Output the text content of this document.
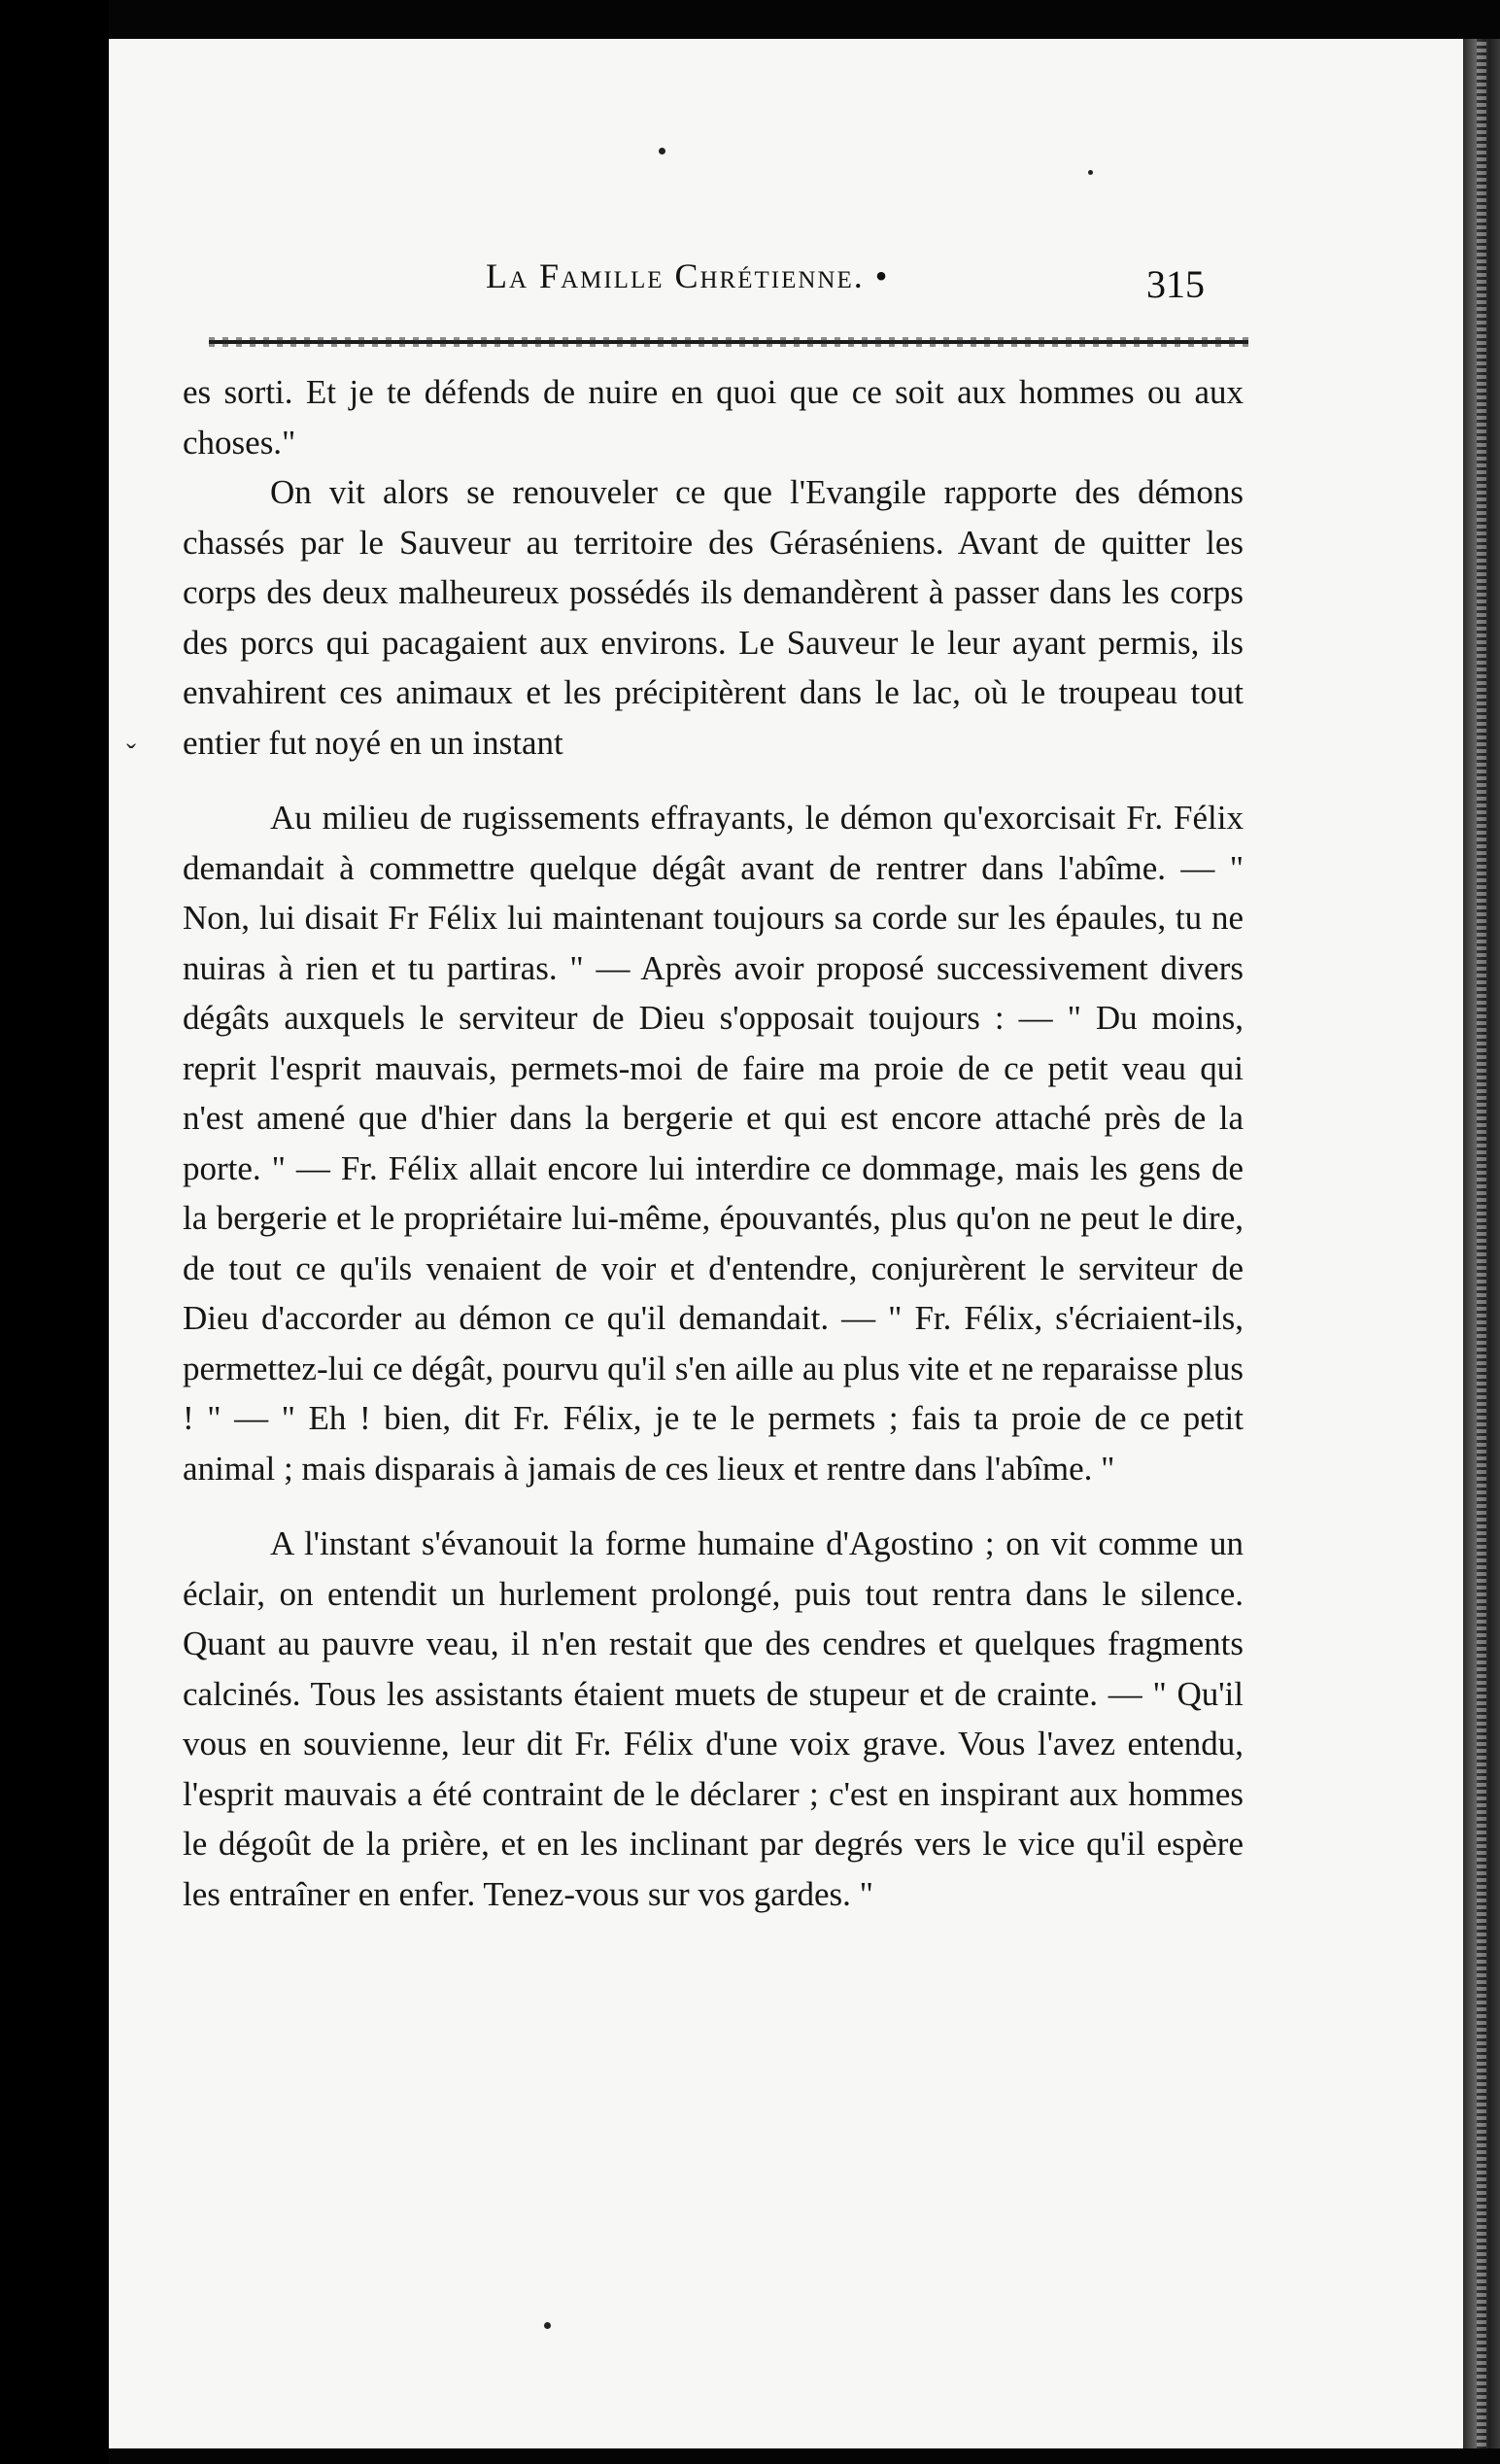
La Famille Chrétienne. •	315
ˇ

es sorti. Et je te défends de nuire en quoi que ce soit aux hommes ou aux choses."

On vit alors se renouveler ce que l'Evangile rapporte des démons chassés par le Sauveur au territoire des Géraséniens. Avant de quitter les corps des deux malheureux possédés ils demandèrent à passer dans les corps des porcs qui pacagaient aux environs. Le Sauveur le leur ayant permis, ils envahirent ces animaux et les précipitèrent dans le lac, où le troupeau tout entier fut noyé en un instant

Au milieu de rugissements effrayants, le démon qu'exorcisait Fr. Félix demandait à commettre quelque dégât avant de rentrer dans l'abîme. — " Non, lui disait Fr Félix lui maintenant toujours sa corde sur les épaules, tu ne nuiras à rien et tu partiras. " — Après avoir proposé successivement divers dégâts auxquels le serviteur de Dieu s'opposait toujours : — " Du moins, reprit l'esprit mauvais, permets-moi de faire ma proie de ce petit veau qui n'est amené que d'hier dans la bergerie et qui est encore attaché près de la porte. " — Fr. Félix allait encore lui interdire ce dommage, mais les gens de la bergerie et le propriétaire lui-même, épouvantés, plus qu'on ne peut le dire, de tout ce qu'ils venaient de voir et d'entendre, conjurèrent le serviteur de Dieu d'accorder au démon ce qu'il demandait. — " Fr. Félix, s'écriaient-ils, permettez-lui ce dégât, pourvu qu'il s'en aille au plus vite et ne reparaisse plus ! " — " Eh ! bien, dit Fr. Félix, je te le permets ; fais ta proie de ce petit animal ; mais disparais à jamais de ces lieux et rentre dans l'abîme. "

A l'instant s'évanouit la forme humaine d'Agostino ; on vit comme un éclair, on entendit un hurlement prolongé, puis tout rentra dans le silence. Quant au pauvre veau, il n'en restait que des cendres et quelques fragments calcinés. Tous les assistants étaient muets de stupeur et de crainte. — " Qu'il vous en souvienne, leur dit Fr. Félix d'une voix grave. Vous l'avez entendu, l'esprit mauvais a été contraint de le déclarer ; c'est en inspirant aux hommes le dégoût de la prière, et en les inclinant par degrés vers le vice qu'il espère les entraîner en enfer. Tenez-vous sur vos gardes. "
